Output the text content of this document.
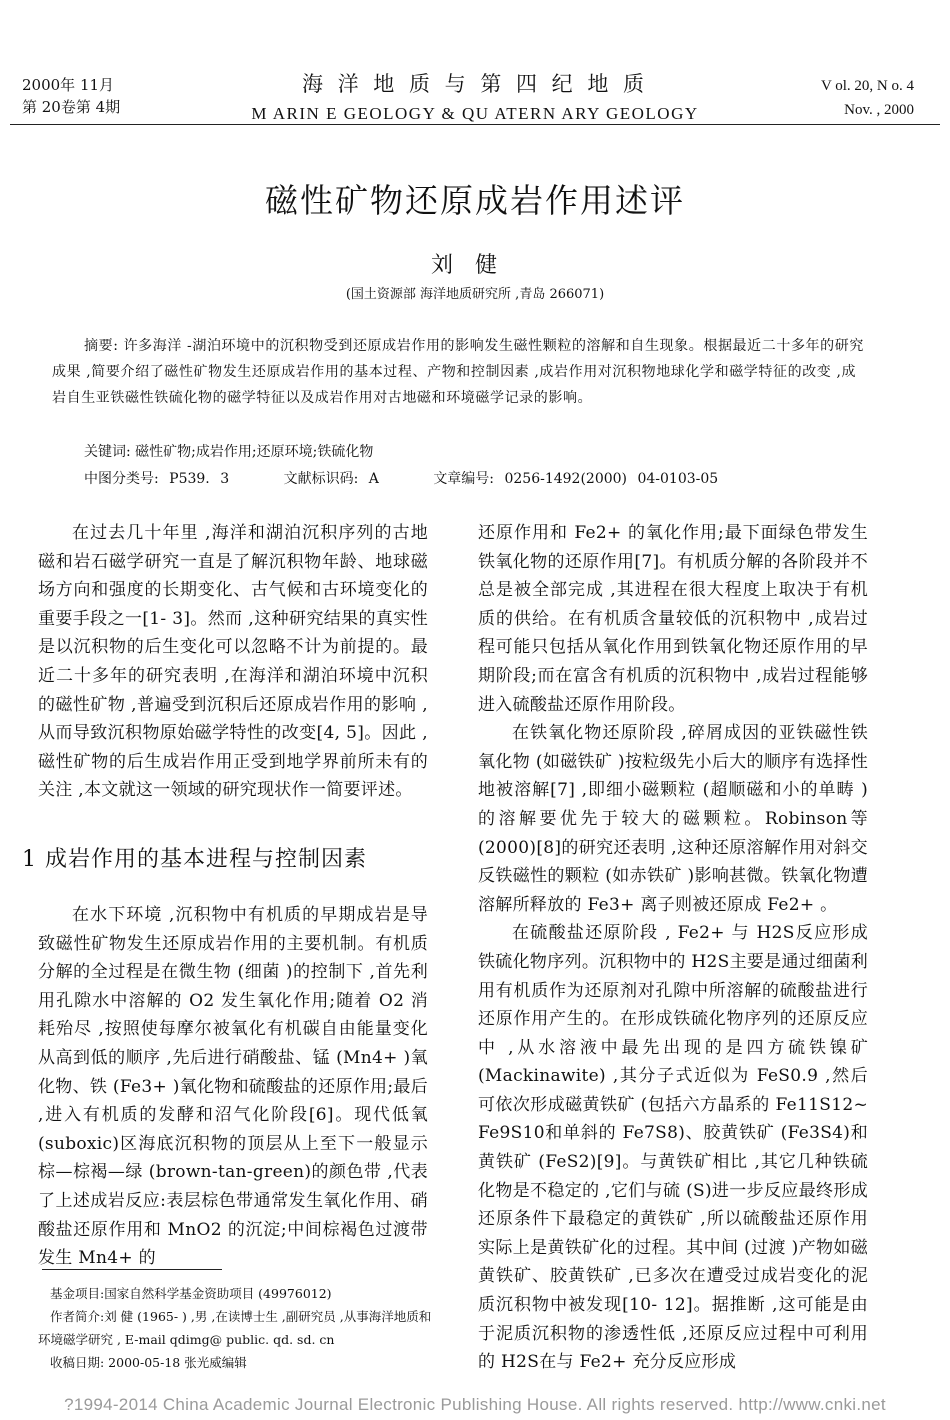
2000年 11月
第 20卷第 4期
海 洋 地 质 与 第 四 纪 地 质
M ARIN E GEOLOGY & QU ATERN ARY GEOLOGY
V ol. 20, N o. 4
Nov. , 2000
磁性矿物还原成岩作用述评
刘健
(国土资源部 海洋地质研究所 ,青岛 266071)

摘要: 许多海洋 -湖泊环境中的沉积物受到还原成岩作用的影响发生磁性颗粒的溶解和自生现象。根据最近二十多年的研究成果 ,简要介绍了磁性矿物发生还原成岩作用的基本过程、产物和控制因素 ,成岩作用对沉积物地球化学和磁学特征的改变 ,成岩自生亚铁磁性铁硫化物的磁学特征以及成岩作用对古地磁和环境磁学记录的影响。

关键词: 磁性矿物;成岩作用;还原环境;铁硫化物
中图分类号: P539. 3	文献标识码: A	文章编号: 0256-1492(2000) 04-0103-05

在过去几十年里 ,海洋和湖泊沉积序列的古地磁和岩石磁学研究一直是了解沉积物年龄、地球磁场方向和强度的长期变化、古气候和古环境变化的重要手段之一[1- 3]。然而 ,这种研究结果的真实性是以沉积物的后生变化可以忽略不计为前提的。最近二十多年的研究表明 ,在海洋和湖泊环境中沉积的磁性矿物 ,普遍受到沉积后还原成岩作用的影响 ,从而导致沉积物原始磁学特性的改变[4, 5]。因此 ,磁性矿物的后生成岩作用正受到地学界前所未有的关注 ,本文就这一领域的研究现状作一简要评述。

1 成岩作用的基本进程与控制因素

在水下环境 ,沉积物中有机质的早期成岩是导致磁性矿物发生还原成岩作用的主要机制。有机质分解的全过程是在微生物 (细菌 )的控制下 ,首先利用孔隙水中溶解的 O2 发生氧化作用;随着 O2 消耗殆尽 ,按照使每摩尔被氧化有机碳自由能量变化从高到低的顺序 ,先后进行硝酸盐、锰 (Mn4+ )氧化物、铁 (Fe3+ )氧化物和硫酸盐的还原作用;最后 ,进入有机质的发酵和沼气化阶段[6]。现代低氧 (suboxic)区海底沉积物的顶层从上至下一般显示棕—棕褐—绿 (brown-tan-green)的颜色带 ,代表了上述成岩反应:表层棕色带通常发生氧化作用、硝酸盐还原作用和 MnO2 的沉淀;中间棕褐色过渡带发生 Mn4+ 的

还原作用和 Fe2+ 的氧化作用;最下面绿色带发生铁氧化物的还原作用[7]。有机质分解的各阶段并不总是被全部完成 ,其进程在很大程度上取决于有机质的供给。在有机质含量较低的沉积物中 ,成岩过程可能只包括从氧化作用到铁氧化物还原作用的早期阶段;而在富含有机质的沉积物中 ,成岩过程能够进入硫酸盐还原作用阶段。

在铁氧化物还原阶段 ,碎屑成因的亚铁磁性铁氧化物 (如磁铁矿 )按粒级先小后大的顺序有选择性地被溶解[7] ,即细小磁颗粒 (超顺磁和小的单畴 )的溶解要优先于较大的磁颗粒。Robinson等 (2000)[8]的研究还表明 ,这种还原溶解作用对斜交反铁磁性的颗粒 (如赤铁矿 )影响甚微。铁氧化物遭溶解所释放的 Fe3+ 离子则被还原成 Fe2+ 。

在硫酸盐还原阶段 , Fe2+ 与 H2S反应形成铁硫化物序列。沉积物中的 H2S主要是通过细菌利用有机质作为还原剂对孔隙中所溶解的硫酸盐进行还原作用产生的。在形成铁硫化物序列的还原反应中 ,从水溶液中最先出现的是四方硫铁镍矿 (Mackinawite) ,其分子式近似为 FeS0.9 ,然后可依次形成磁黄铁矿 (包括六方晶系的 Fe11S12~ Fe9S10和单斜的 Fe7S8)、胶黄铁矿 (Fe3S4)和黄铁矿 (FeS2)[9]。与黄铁矿相比 ,其它几种铁硫化物是不稳定的 ,它们与硫 (S)进一步反应最终形成还原条件下最稳定的黄铁矿 ,所以硫酸盐还原作用实际上是黄铁矿化的过程。其中间 (过渡 )产物如磁黄铁矿、胶黄铁矿 ,已多次在遭受过成岩变化的泥质沉积物中被发现[10- 12]。据推断 ,这可能是由于泥质沉积物的渗透性低 ,还原反应过程中可利用的 H2S在与 Fe2+ 充分反应形成

基金项目:国家自然科学基金资助项目 (49976012)

作者简介:刘 健 (1965- ) ,男 ,在读博士生 ,副研究员 ,从事海洋地质和环境磁学研究 , E-mail qdimg@ public. qd. sd. cn

收稿日期: 2000-05-18 张光威编辑

?1994-2014 China Academic Journal Electronic Publishing House. All rights reserved. http://www.cnki.net
